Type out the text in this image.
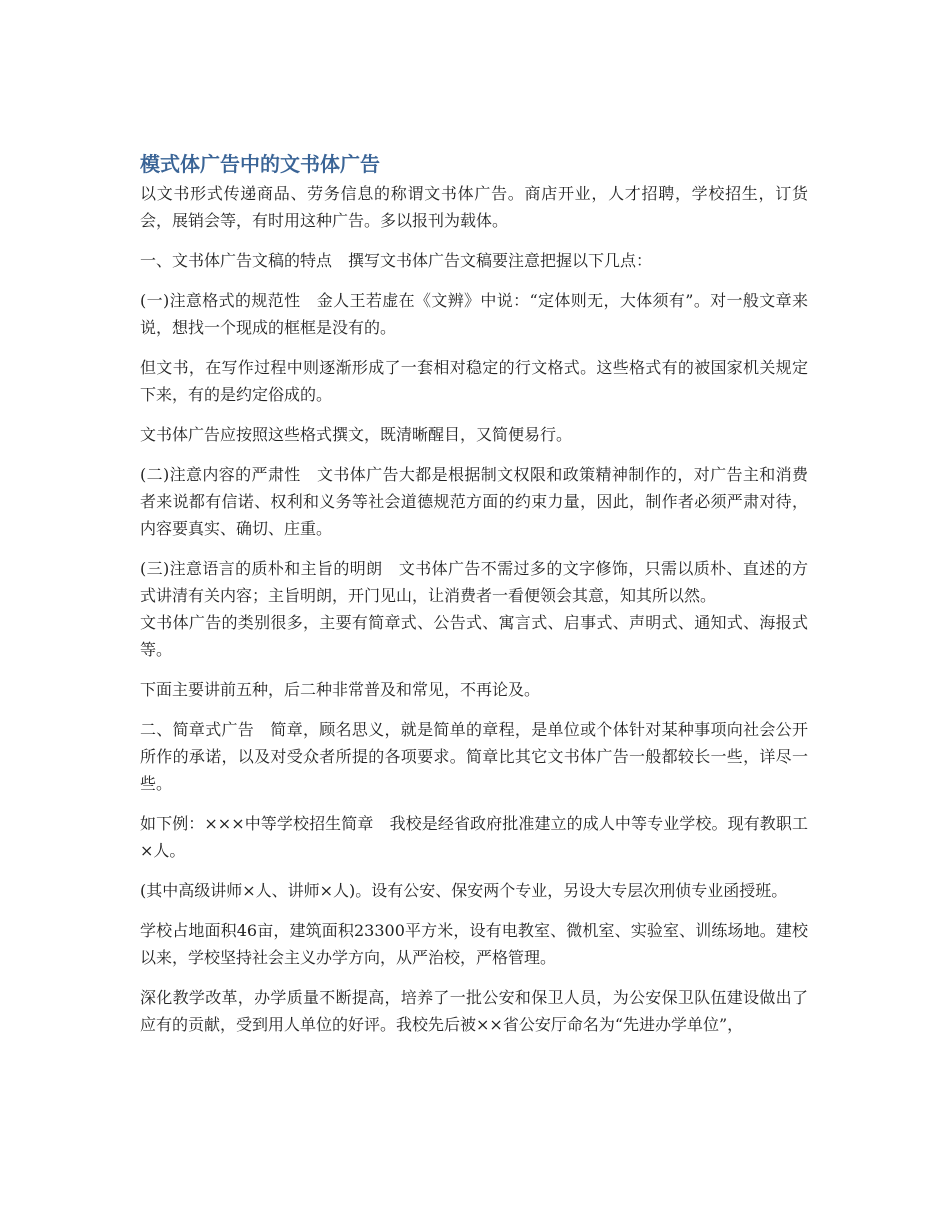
模式体广告中的文书体广告

以文书形式传递商品、劳务信息的称谓文书体广告。商店开业，人才招聘，学校招生，订货会，展销会等，有时用这种广告。多以报刊为载体。

一、文书体广告文稿的特点　撰写文书体广告文稿要注意把握以下几点：

(一)注意格式的规范性　金人王若虚在《文辨》中说：“定体则无，大体须有”。对一般文章来说，想找一个现成的框框是没有的。

但文书，在写作过程中则逐渐形成了一套相对稳定的行文格式。这些格式有的被国家机关规定下来，有的是约定俗成的。

文书体广告应按照这些格式撰文，既清晰醒目，又简便易行。

(二)注意内容的严肃性　文书体广告大都是根据制文权限和政策精神制作的，对广告主和消费者来说都有信诺、权利和义务等社会道德规范方面的约束力量，因此，制作者必须严肃对待，内容要真实、确切、庄重。

(三)注意语言的质朴和主旨的明朗　文书体广告不需过多的文字修饰，只需以质朴、直述的方式讲清有关内容；主旨明朗，开门见山，让消费者一看便领会其意，知其所以然。

文书体广告的类别很多，主要有简章式、公告式、寓言式、启事式、声明式、通知式、海报式等。

下面主要讲前五种，后二种非常普及和常见，不再论及。

二、简章式广告　简章，顾名思义，就是简单的章程，是单位或个体针对某种事项向社会公开所作的承诺，以及对受众者所提的各项要求。简章比其它文书体广告一般都较长一些，详尽一些。

如下例：×××中等学校招生简章　我校是经省政府批准建立的成人中等专业学校。现有教职工×人。

(其中高级讲师×人、讲师×人)。设有公安、保安两个专业，另设大专层次刑侦专业函授班。

学校占地面积46亩，建筑面积23300平方米，设有电教室、微机室、实验室、训练场地。建校以来，学校坚持社会主义办学方向，从严治校，严格管理。

深化教学改革，办学质量不断提高，培养了一批公安和保卫人员，为公安保卫队伍建设做出了应有的贡献，受到用人单位的好评。我校先后被××省公安厅命名为“先进办学单位”，
